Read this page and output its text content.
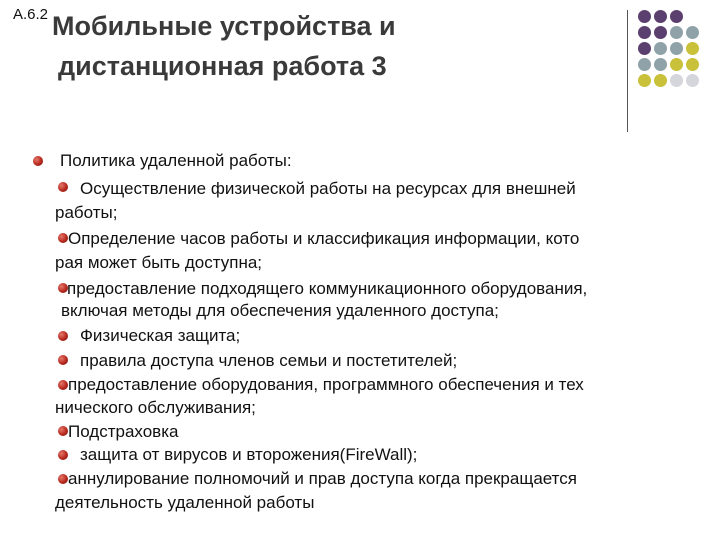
A.6.2 Мобильные устройства и
дистанционная работа 3
Политика удаленной работы:
Осуществление физической работы на ресурсах для внешней
работы;
Определение часов работы и классификация информации, кото
рая может быть доступна;
предоставление подходящего коммуникационного оборудования,
включая методы для обеспечения удаленного доступа;
Физическая защита;
правила доступа членов семьи и постетителей;
предоставление оборудования, программного обеспечения и тех
нического обслуживания;
Подстраховка
защита от вирусов и второжения(FireWall);
аннулирование полномочий и прав доступа когда прекращается
деятельность удаленной работы
